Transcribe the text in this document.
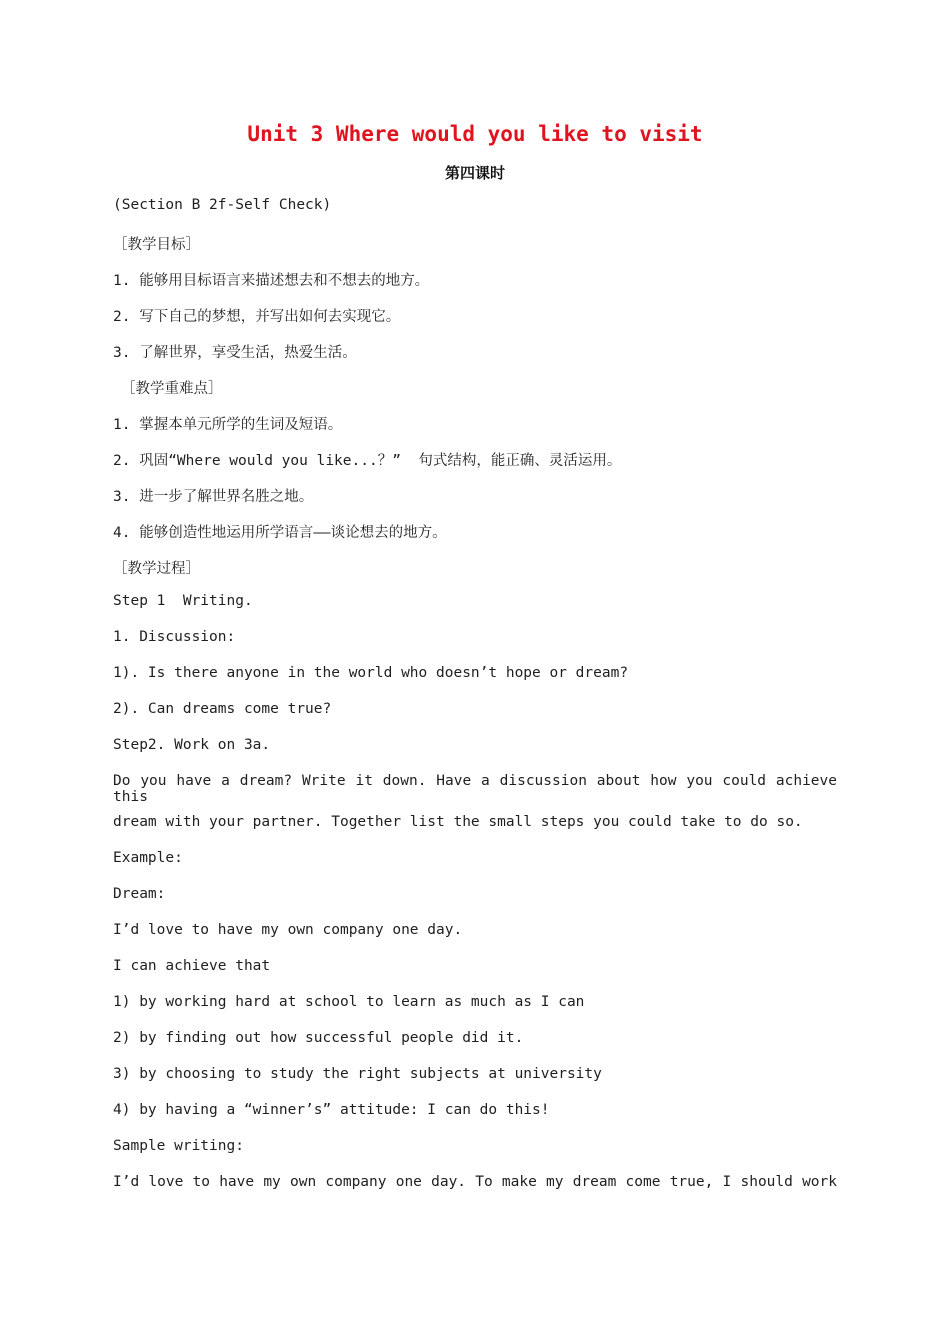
Unit 3 Where would you like to visit
第四课时
(Section B 2f-Self Check)
［教学目标］
1. 能够用目标语言来描述想去和不想去的地方。
2. 写下自己的梦想，并写出如何去实现它。
3. 了解世界，享受生活，热爱生活。
［教学重难点］
1. 掌握本单元所学的生词及短语。
2. 巩固“Where would you like...？”  句式结构，能正确、灵活运用。
3. 进一步了解世界名胜之地。
4. 能够创造性地运用所学语言——谈论想去的地方。
［教学过程］
Step 1  Writing.
1. Discussion:
1). Is there anyone in the world who doesn’t hope or dream?
2). Can dreams come true?
Step2. Work on 3a.
Do you have a dream? Write it down. Have a discussion about how you could achieve this
dream with your partner. Together list the small steps you could take to do so.
Example:
Dream:
I’d love to have my own company one day.
I can achieve that
1) by working hard at school to learn as much as I can
2) by finding out how successful people did it.
3) by choosing to study the right subjects at university
4) by having a “winner’s” attitude: I can do this!
Sample writing:
I’d love to have my own company one day. To make my dream come true, I should work
